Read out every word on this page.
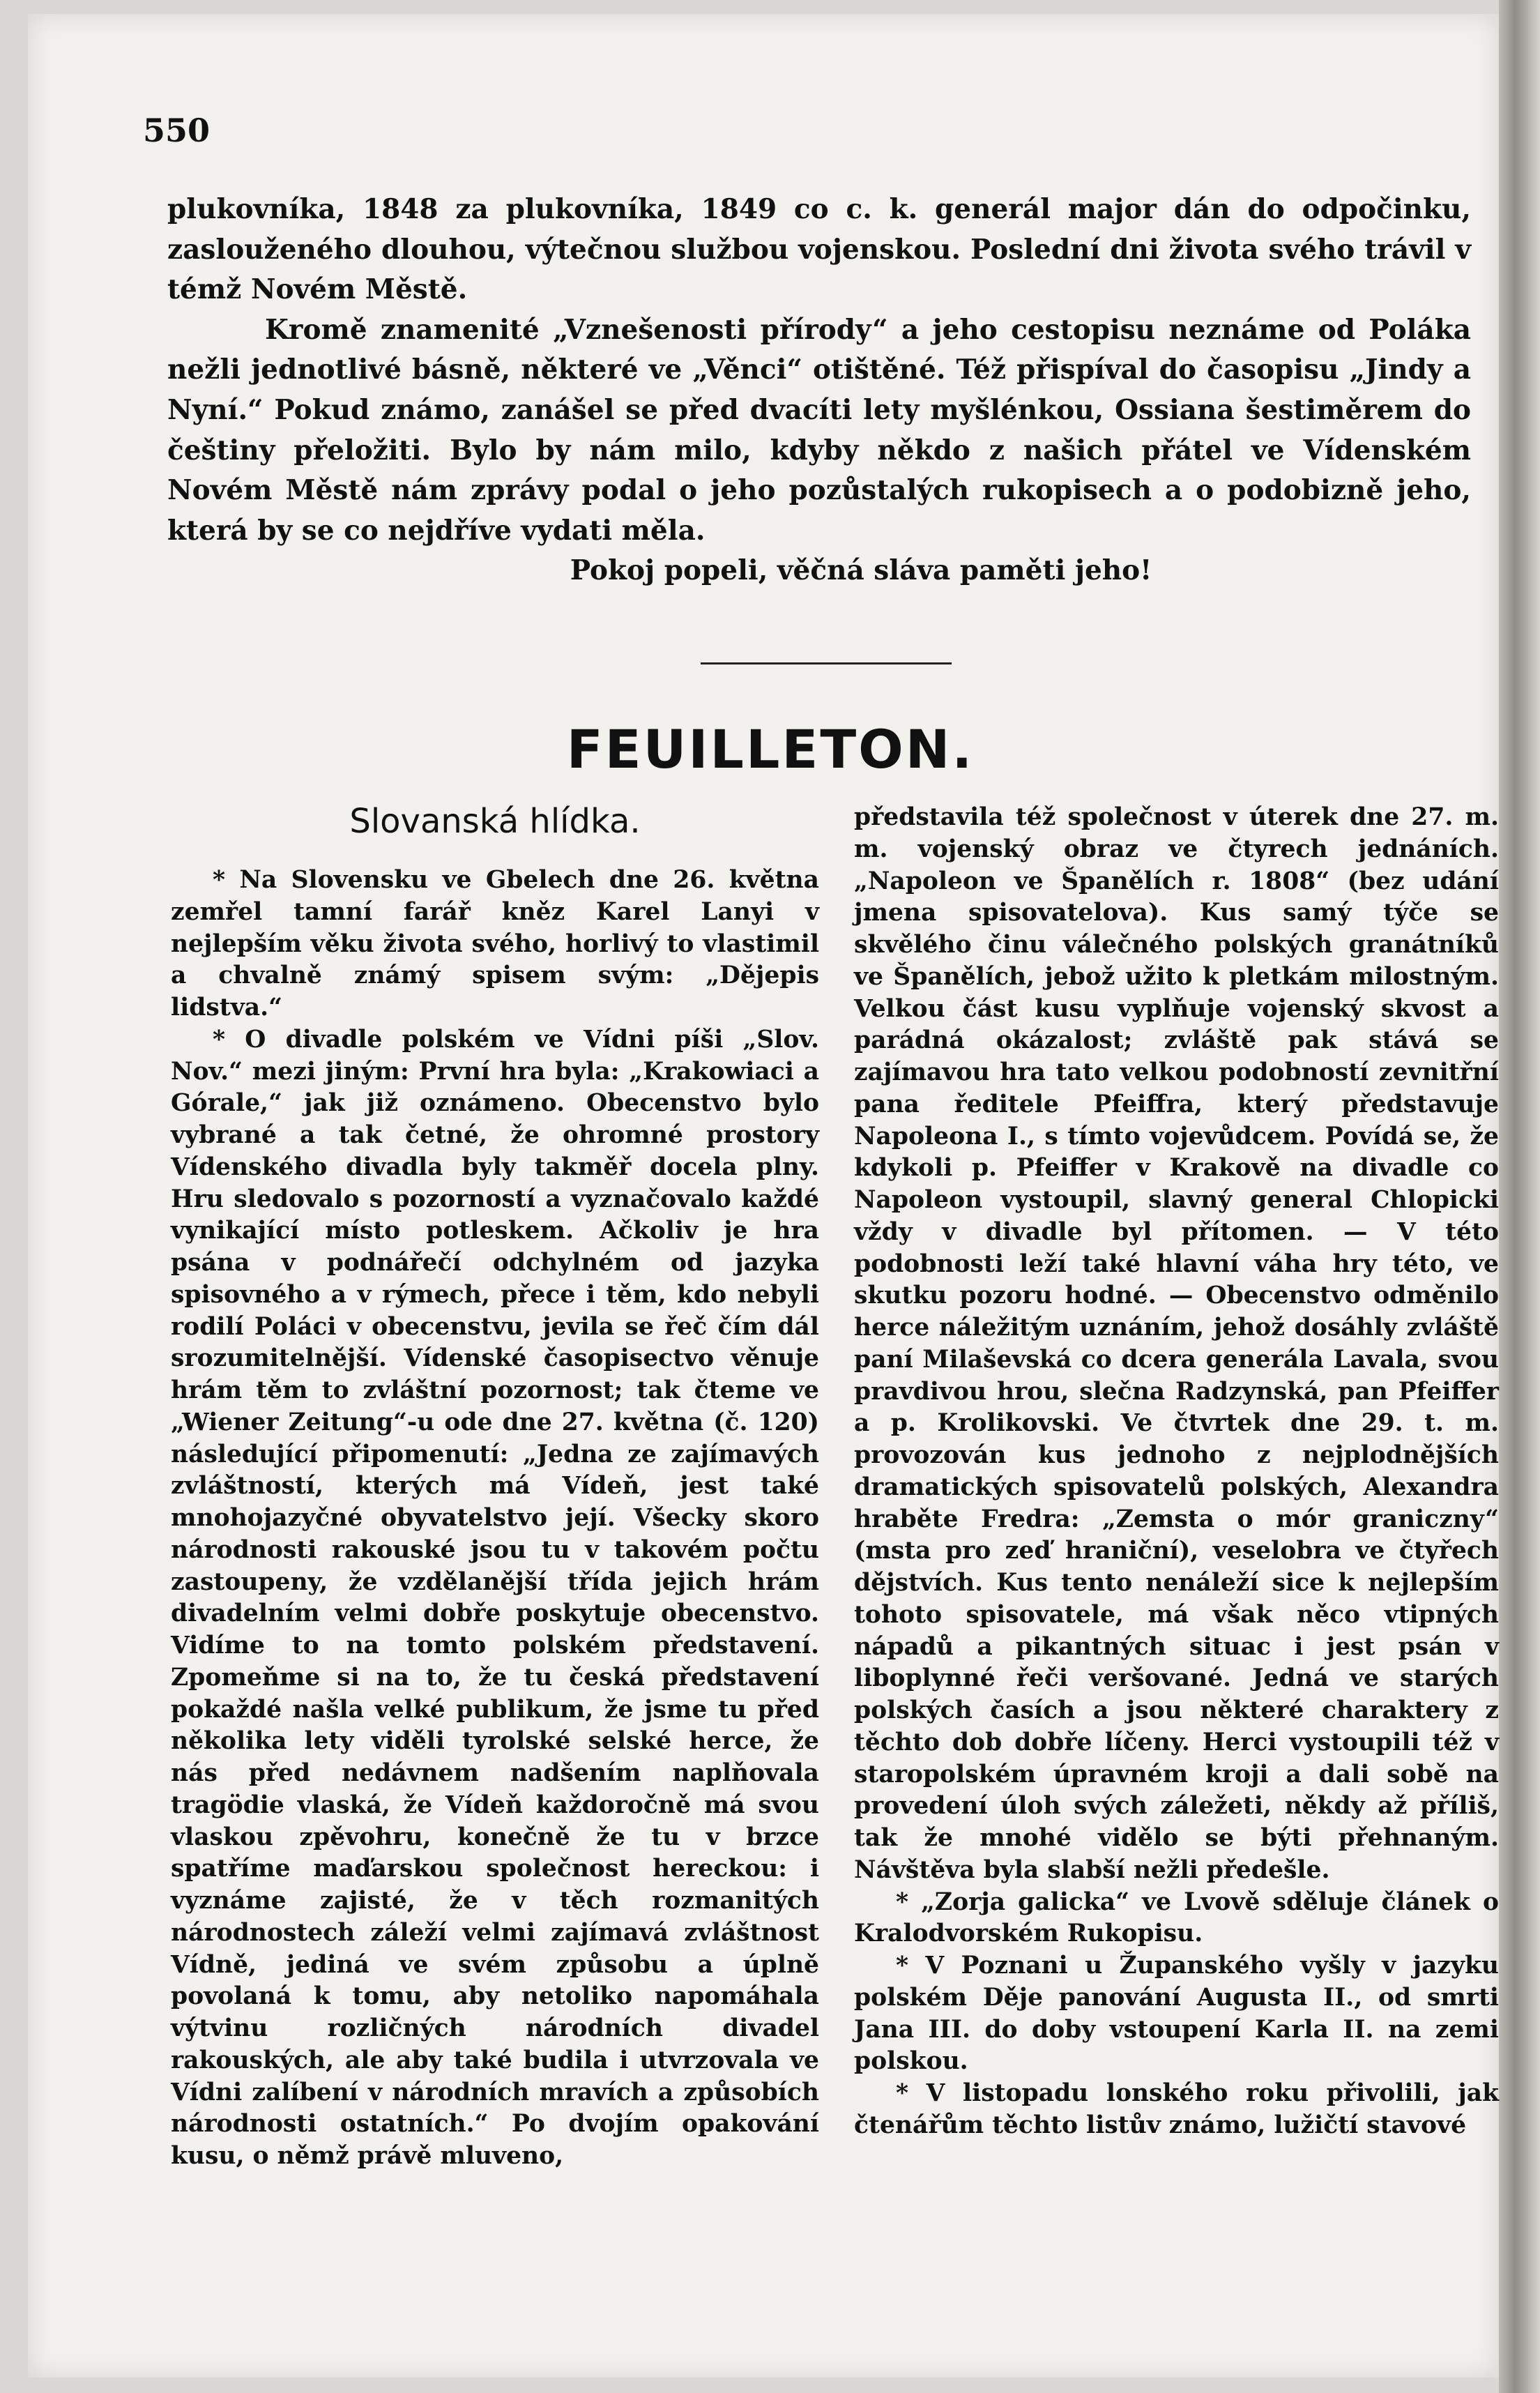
550

plukovníka, 1848 za plukovníka, 1849 co c. k. generál major dán do odpočinku, zaslouženého dlouhou, výtečnou službou vojenskou. Poslední dni života svého trávil v témž Novém Městě.

Kromě znamenité „Vznešenosti přírody“ a jeho cestopisu neznáme od Poláka nežli jednotlivé básně, některé ve „Věnci“ otištěné. Též přispíval do časopisu „Jindy a Nyní.“ Pokud známo, zanášel se před dvacíti lety myšlénkou, Ossiana šestiměrem do češtiny přeložiti. Bylo by nám milo, kdyby někdo z našich přátel ve Vídenském Novém Městě nám zprávy podal o jeho pozůstalých rukopisech a o podobizně jeho, která by se co nejdříve vydati měla.

Pokoj popeli, věčná sláva paměti jeho!

FEUILLETON.
Slovanská hlídka.

* Na Slovensku ve Gbelech dne 26. května zemřel tamní farář kněz Karel Lanyi v nejlepším věku života svého, horlivý to vlastimil a chvalně známý spisem svým: „Dějepis lidstva.“

* O divadle polském ve Vídni píši „Slov. Nov.“ mezi jiným: První hra byla: „Krakowiaci a Górale,“ jak již oznámeno. Obecenstvo bylo vybrané a tak četné, že ohromné prostory Vídenského divadla byly takměř docela plny. Hru sledovalo s pozorností a vyznačovalo každé vynikající místo potleskem. Ačkoliv je hra psána v podnářečí odchylném od jazyka spisovného a v rýmech, přece i těm, kdo nebyli rodilí Poláci v obecenstvu, jevila se řeč čím dál srozumitelnější. Vídenské časopisectvo věnuje hrám těm to zvláštní pozornost; tak čteme ve „Wiener Zeitung“-u ode dne 27. května (č. 120) následující připomenutí: „Jedna ze zajímavých zvláštností, kterých má Vídeň, jest také mnohojazyčné obyvatelstvo její. Všecky skoro národnosti rakouské jsou tu v takovém počtu zastoupeny, že vzdělanější třída jejich hrám divadelním velmi dobře poskytuje obecenstvo. Vidíme to na tomto polském představení. Zpomeňme si na to, že tu česká představení pokaždé našla velké publikum, že jsme tu před několika lety viděli tyrolské selské herce, že nás před nedávnem nadšením naplňovala tragödie vlaská, že Vídeň každoročně má svou vlaskou zpěvohru, konečně že tu v brzce spatříme maďarskou společnost hereckou: i vyznáme zajisté, že v těch rozmanitých národnostech záleží velmi zajímavá zvláštnost Vídně, jediná ve svém způsobu a úplně povolaná k tomu, aby netoliko napomáhala výtvinu rozličných národních divadel rakouských, ale aby také budila i utvrzovala ve Vídni zalíbení v národních mravích a způsobích národnosti ostatních.“ Po dvojím opakování kusu, o němž právě mluveno,

představila též společnost v úterek dne 27. m. m. vojenský obraz ve čtyrech jednáních. „Napoleon ve Španělích r. 1808“ (bez udání jmena spisovatelova). Kus samý týče se skvělého činu válečného polských granátníků ve Španělích, jebož užito k pletkám milostným. Velkou část kusu vyplňuje vojenský skvost a parádná okázalost; zvláště pak stává se zajímavou hra tato velkou podobností zevnitřní pana ředitele Pfeiffra, který představuje Napoleona I., s tímto vojevůdcem. Povídá se, že kdykoli p. Pfeiffer v Krakově na divadle co Napoleon vystoupil, slavný general Chlopicki vždy v divadle byl přítomen. — V této podobnosti leží také hlavní váha hry této, ve skutku pozoru hodné. — Obecenstvo odměnilo herce náležitým uznáním, jehož dosáhly zvláště paní Milaševská co dcera generála Lavala, svou pravdivou hrou, slečna Radzynská, pan Pfeiffer a p. Krolikovski. Ve čtvrtek dne 29. t. m. provozován kus jednoho z nejplodnějších dramatických spisovatelů polských, Alexandra hraběte Fredra: „Zemsta o mór graniczny“ (msta pro zeď hraniční), veselobra ve čtyřech dějstvích. Kus tento nenáleží sice k nejlepším tohoto spisovatele, má však něco vtipných nápadů a pikantných situac i jest psán v liboplynné řeči veršované. Jedná ve starých polských časích a jsou některé charaktery z těchto dob dobře líčeny. Herci vystoupili též v staropolském úpravném kroji a dali sobě na provedení úloh svých záležeti, někdy až příliš, tak že mnohé vidělo se býti přehnaným. Návštěva byla slabší nežli předešle.

* „Zorja galicka“ ve Lvově sděluje článek o Kralodvorském Rukopisu.

* V Poznani u Županského vyšly v jazyku polském Děje panování Augusta II., od smrti Jana III. do doby vstoupení Karla II. na zemi polskou.

* V listopadu lonského roku přivolili, jak čtenářům těchto listův známo, lužičtí stavové
